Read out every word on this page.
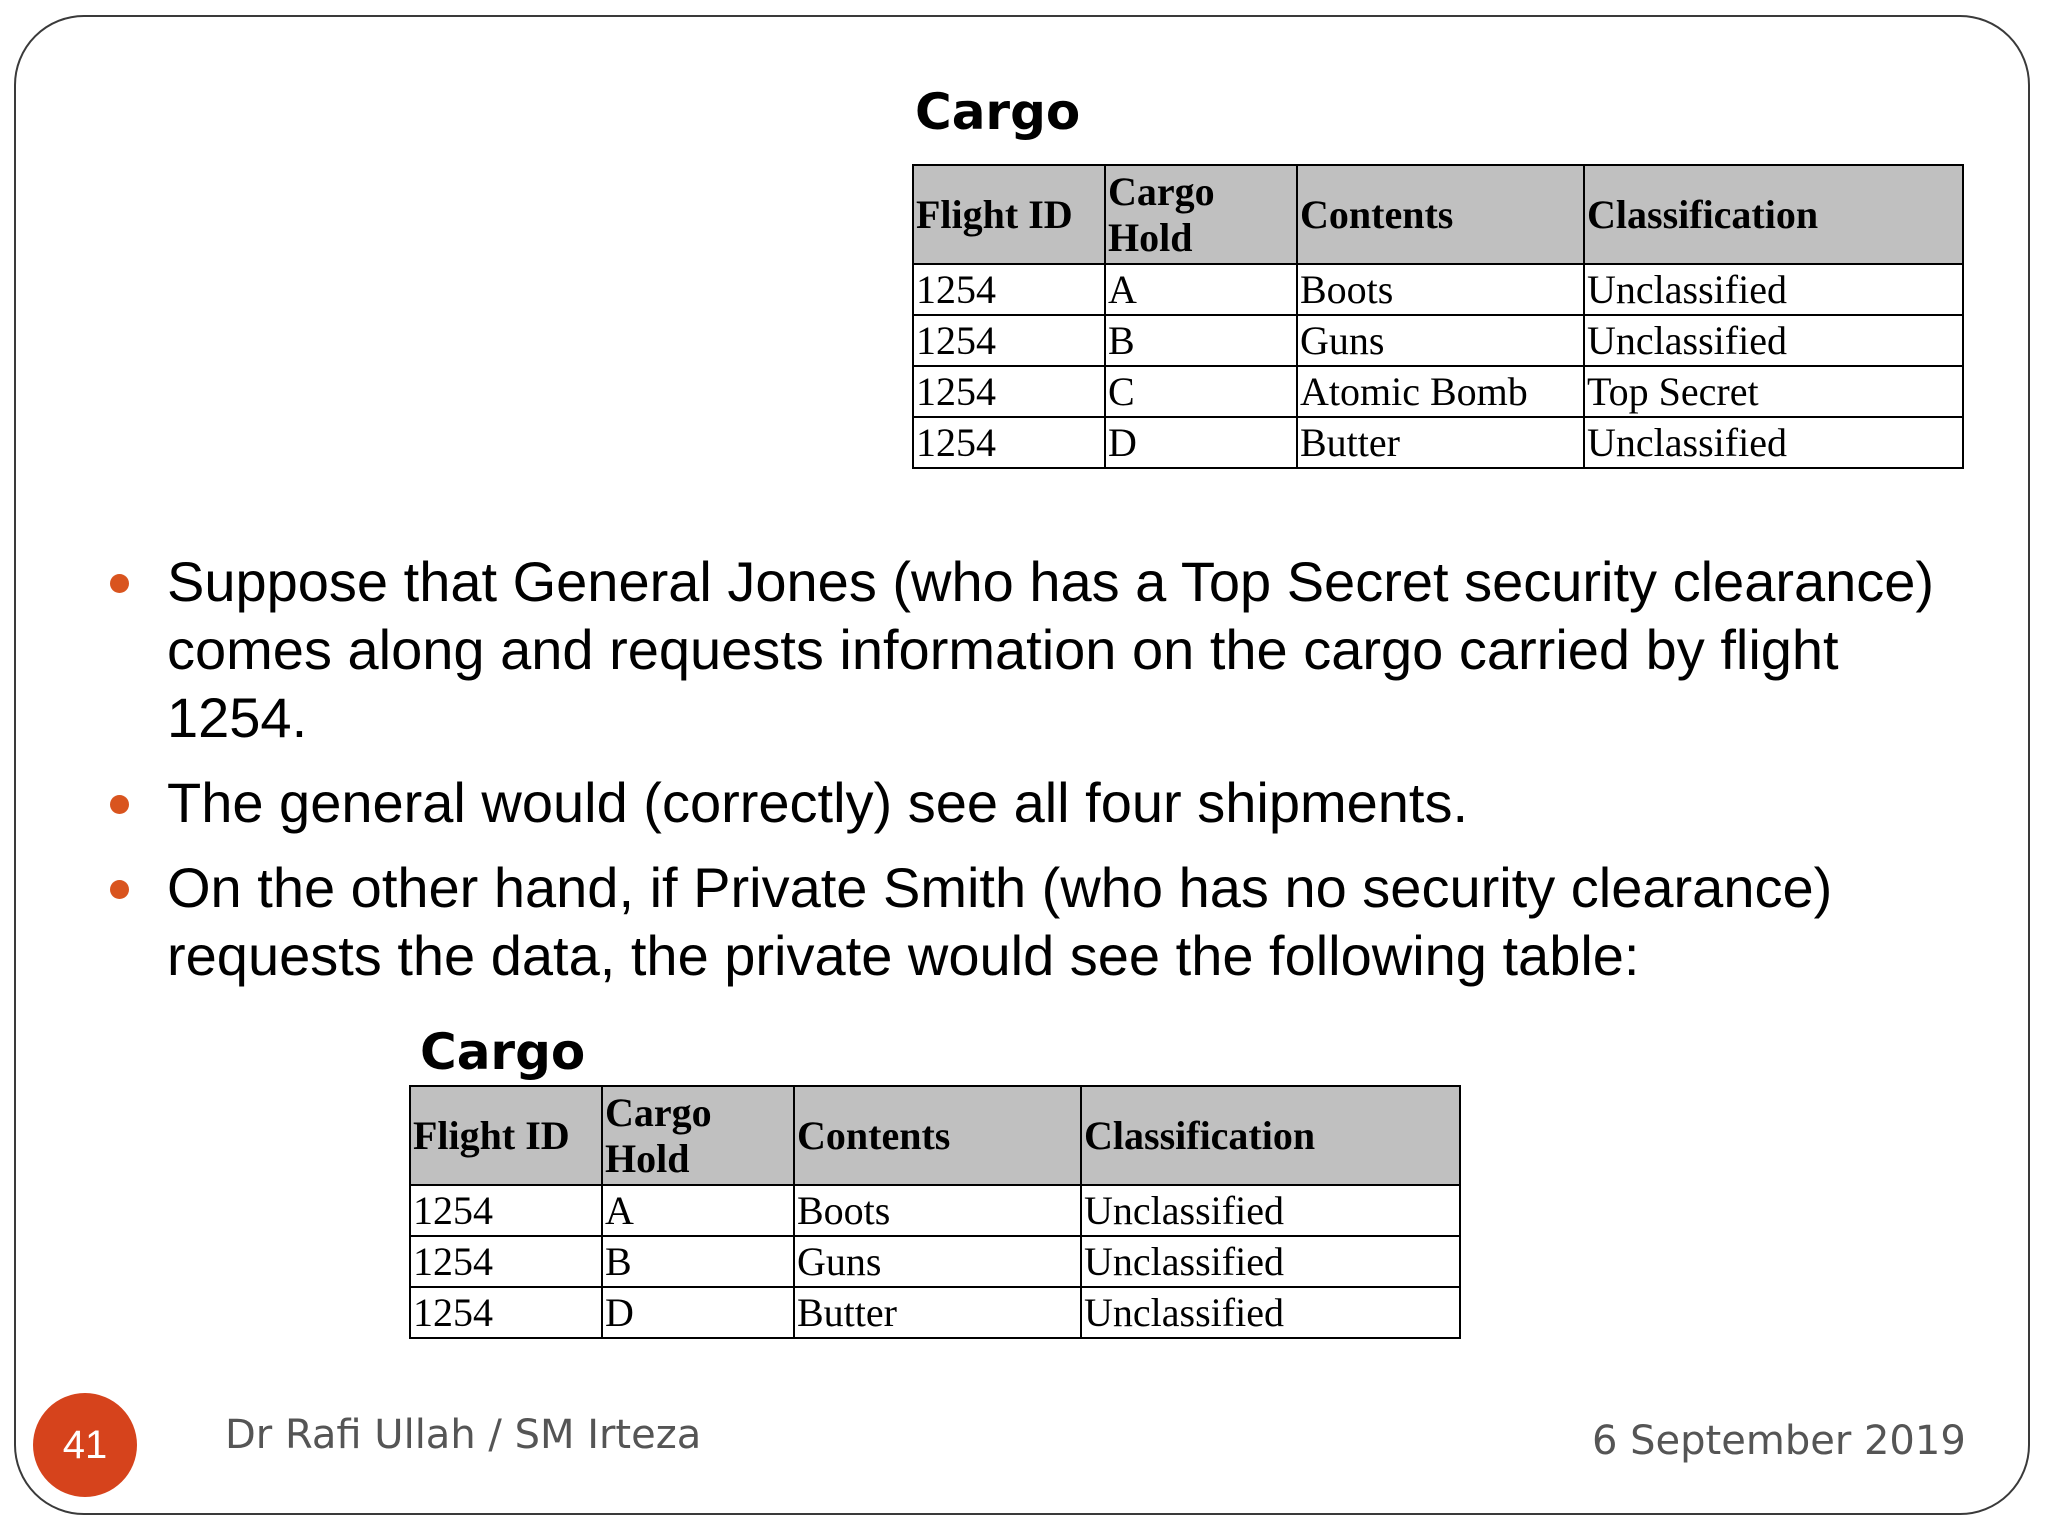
Cargo
Flight ID	Cargo Hold	Contents	Classification
1254	A	Boots	Unclassified
1254	B	Guns	Unclassified
1254	C	Atomic Bomb	Top Secret
1254	D	Butter	Unclassified
Suppose that General Jones (who has a Top Secret security clearance) comes along and requests information on the cargo carried by flight 1254.
The general would (correctly) see all four shipments.
On the other hand, if Private Smith (who has no security clearance) requests the data, the private would see the following table:
Cargo
Flight ID	Cargo Hold	Contents	Classification
1254	A	Boots	Unclassified
1254	B	Guns	Unclassified
1254	D	Butter	Unclassified
41	Dr Rafi Ullah / SM Irteza	6 September 2019
